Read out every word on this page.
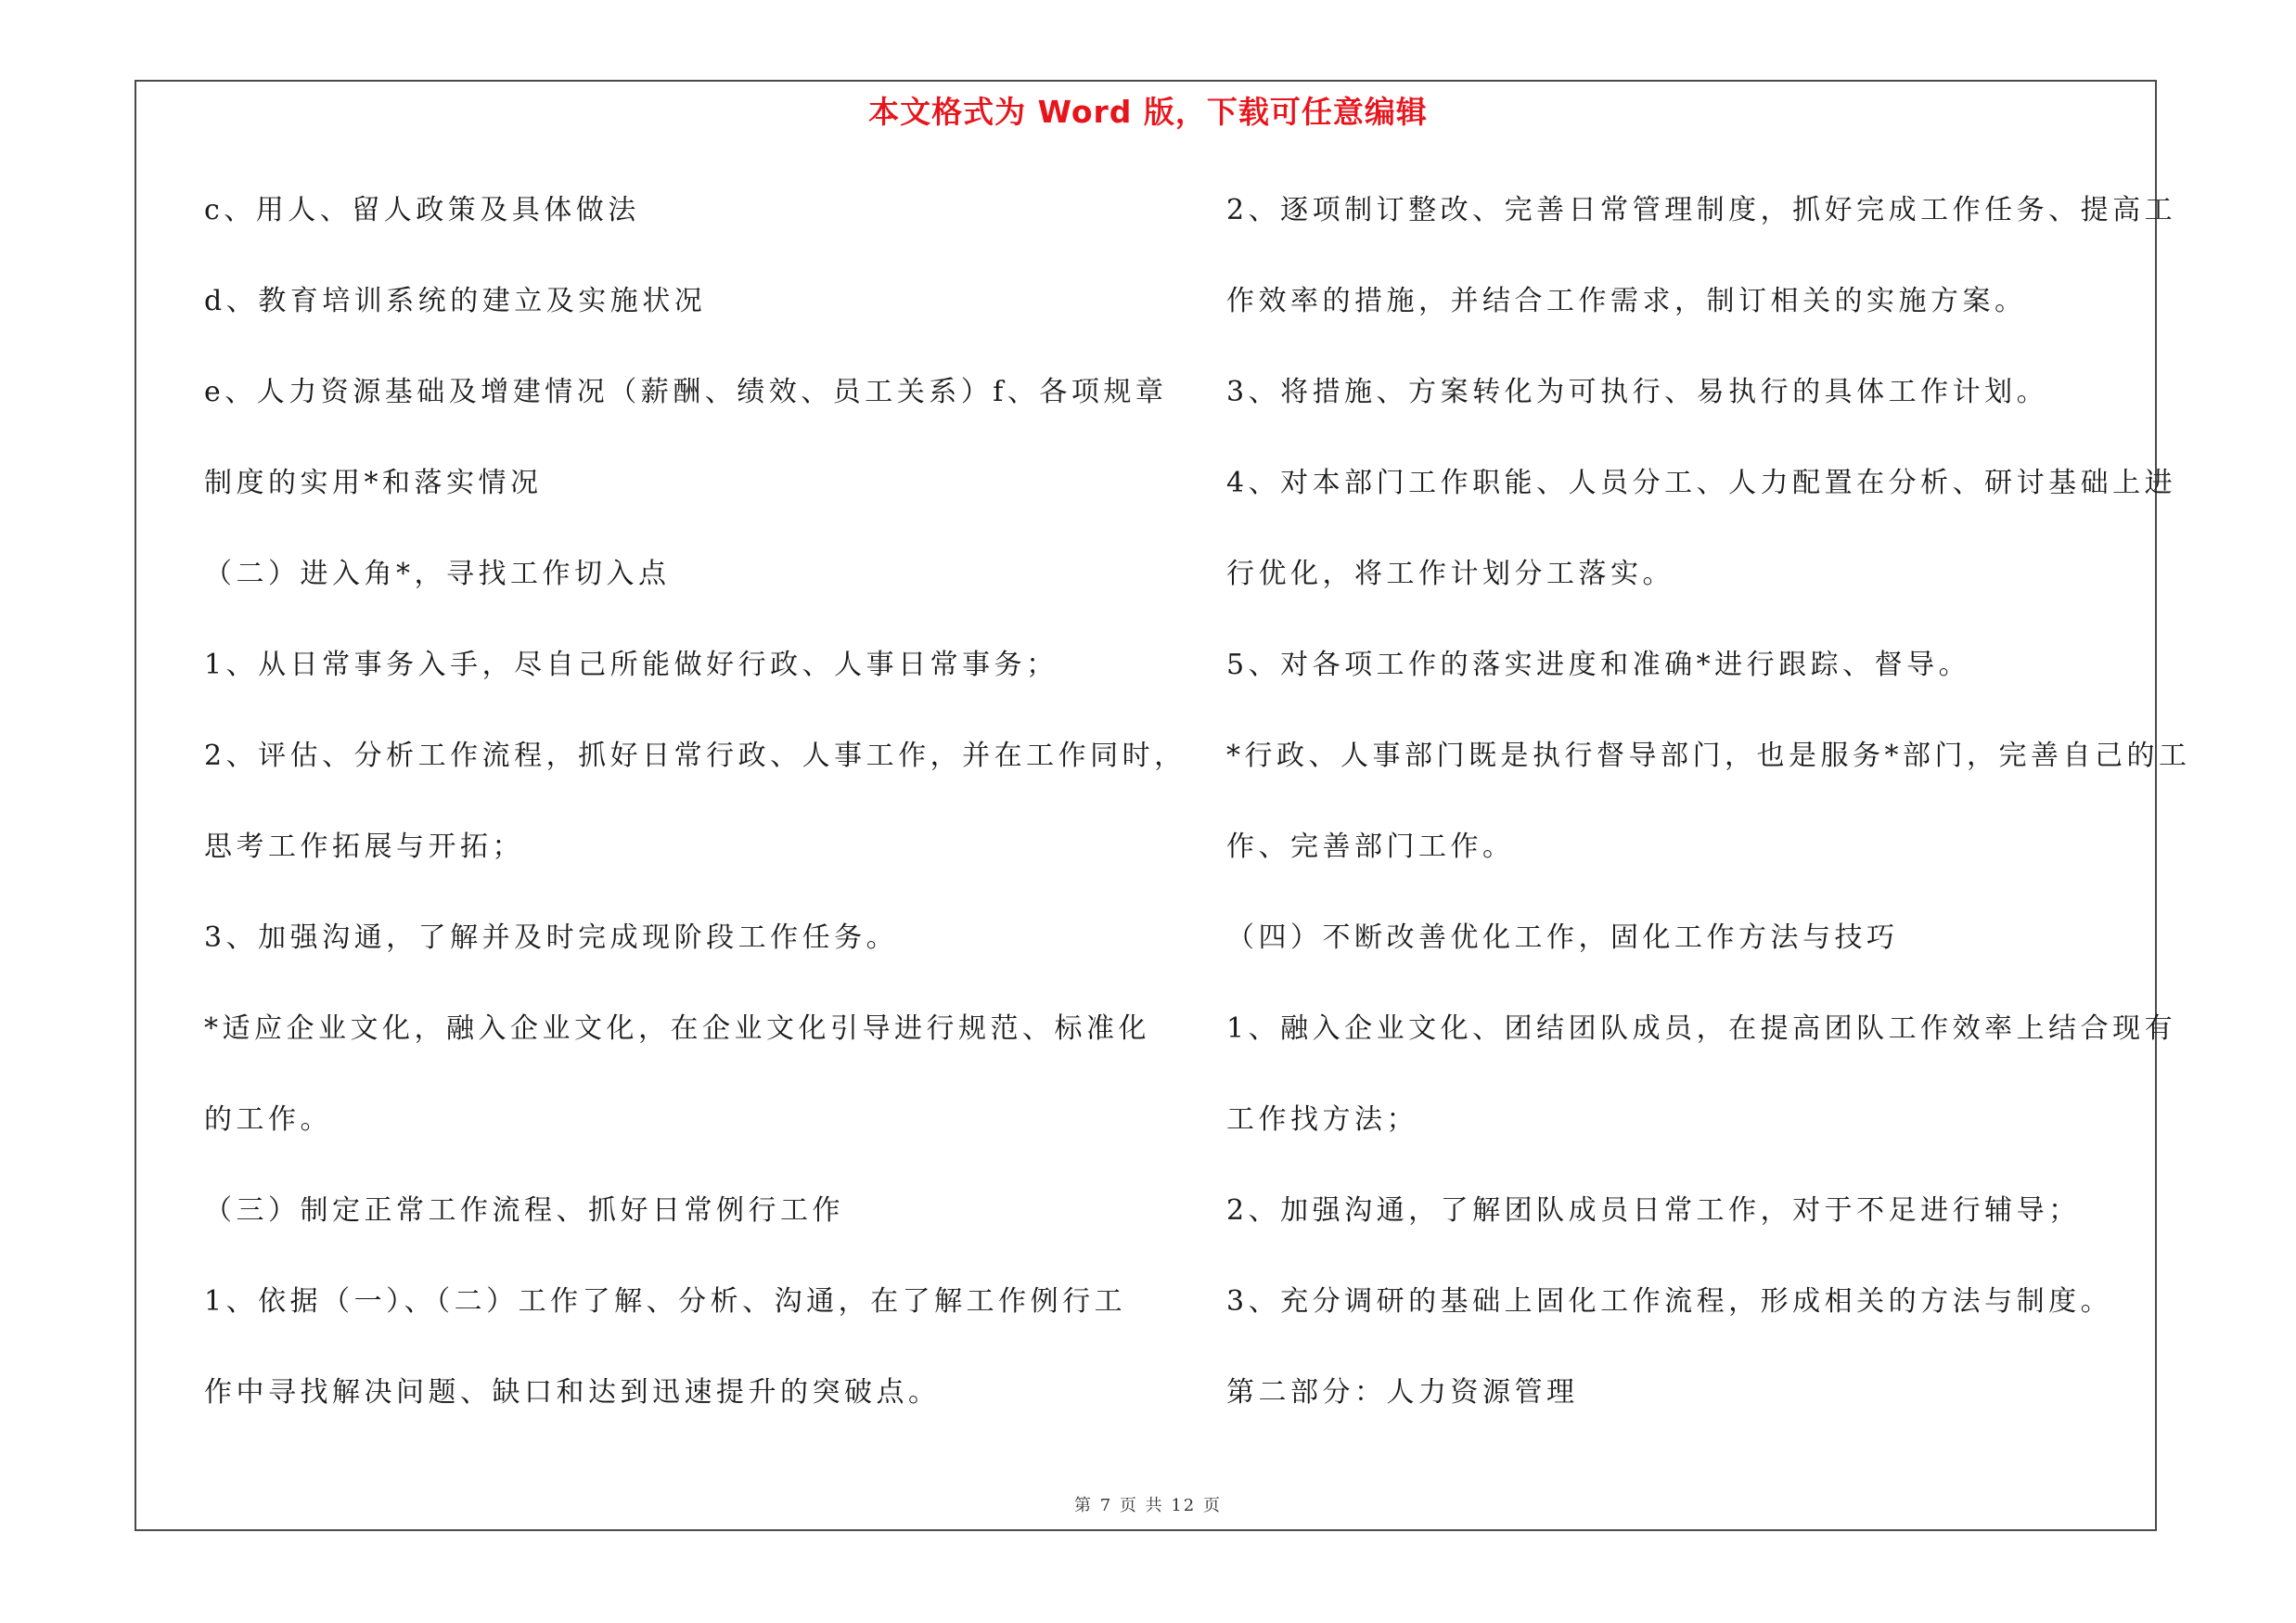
本文格式为 Word 版，下载可任意编辑
c、用人、留人政策及具体做法
d、教育培训系统的建立及实施状况
e、人力资源基础及增建情况（薪酬、绩效、员工关系）f、各项规章
制度的实用*和落实情况
（二）进入角*，寻找工作切入点
1、从日常事务入手，尽自己所能做好行政、人事日常事务；
2、评估、分析工作流程，抓好日常行政、人事工作，并在工作同时，
思考工作拓展与开拓；
3、加强沟通，了解并及时完成现阶段工作任务。
*适应企业文化，融入企业文化，在企业文化引导进行规范、标准化
的工作。
（三）制定正常工作流程、抓好日常例行工作
1、依据（一）、（二）工作了解、分析、沟通，在了解工作例行工
作中寻找解决问题、缺口和达到迅速提升的突破点。
2、逐项制订整改、完善日常管理制度，抓好完成工作任务、提高工
作效率的措施，并结合工作需求，制订相关的实施方案。
3、将措施、方案转化为可执行、易执行的具体工作计划。
4、对本部门工作职能、人员分工、人力配置在分析、研讨基础上进
行优化，将工作计划分工落实。
5、对各项工作的落实进度和准确*进行跟踪、督导。
*行政、人事部门既是执行督导部门，也是服务*部门，完善自己的工
作、完善部门工作。
（四）不断改善优化工作，固化工作方法与技巧
1、融入企业文化、团结团队成员，在提高团队工作效率上结合现有
工作找方法；
2、加强沟通，了解团队成员日常工作，对于不足进行辅导；
3、充分调研的基础上固化工作流程，形成相关的方法与制度。
第二部分：人力资源管理
第 7 页 共 12 页
